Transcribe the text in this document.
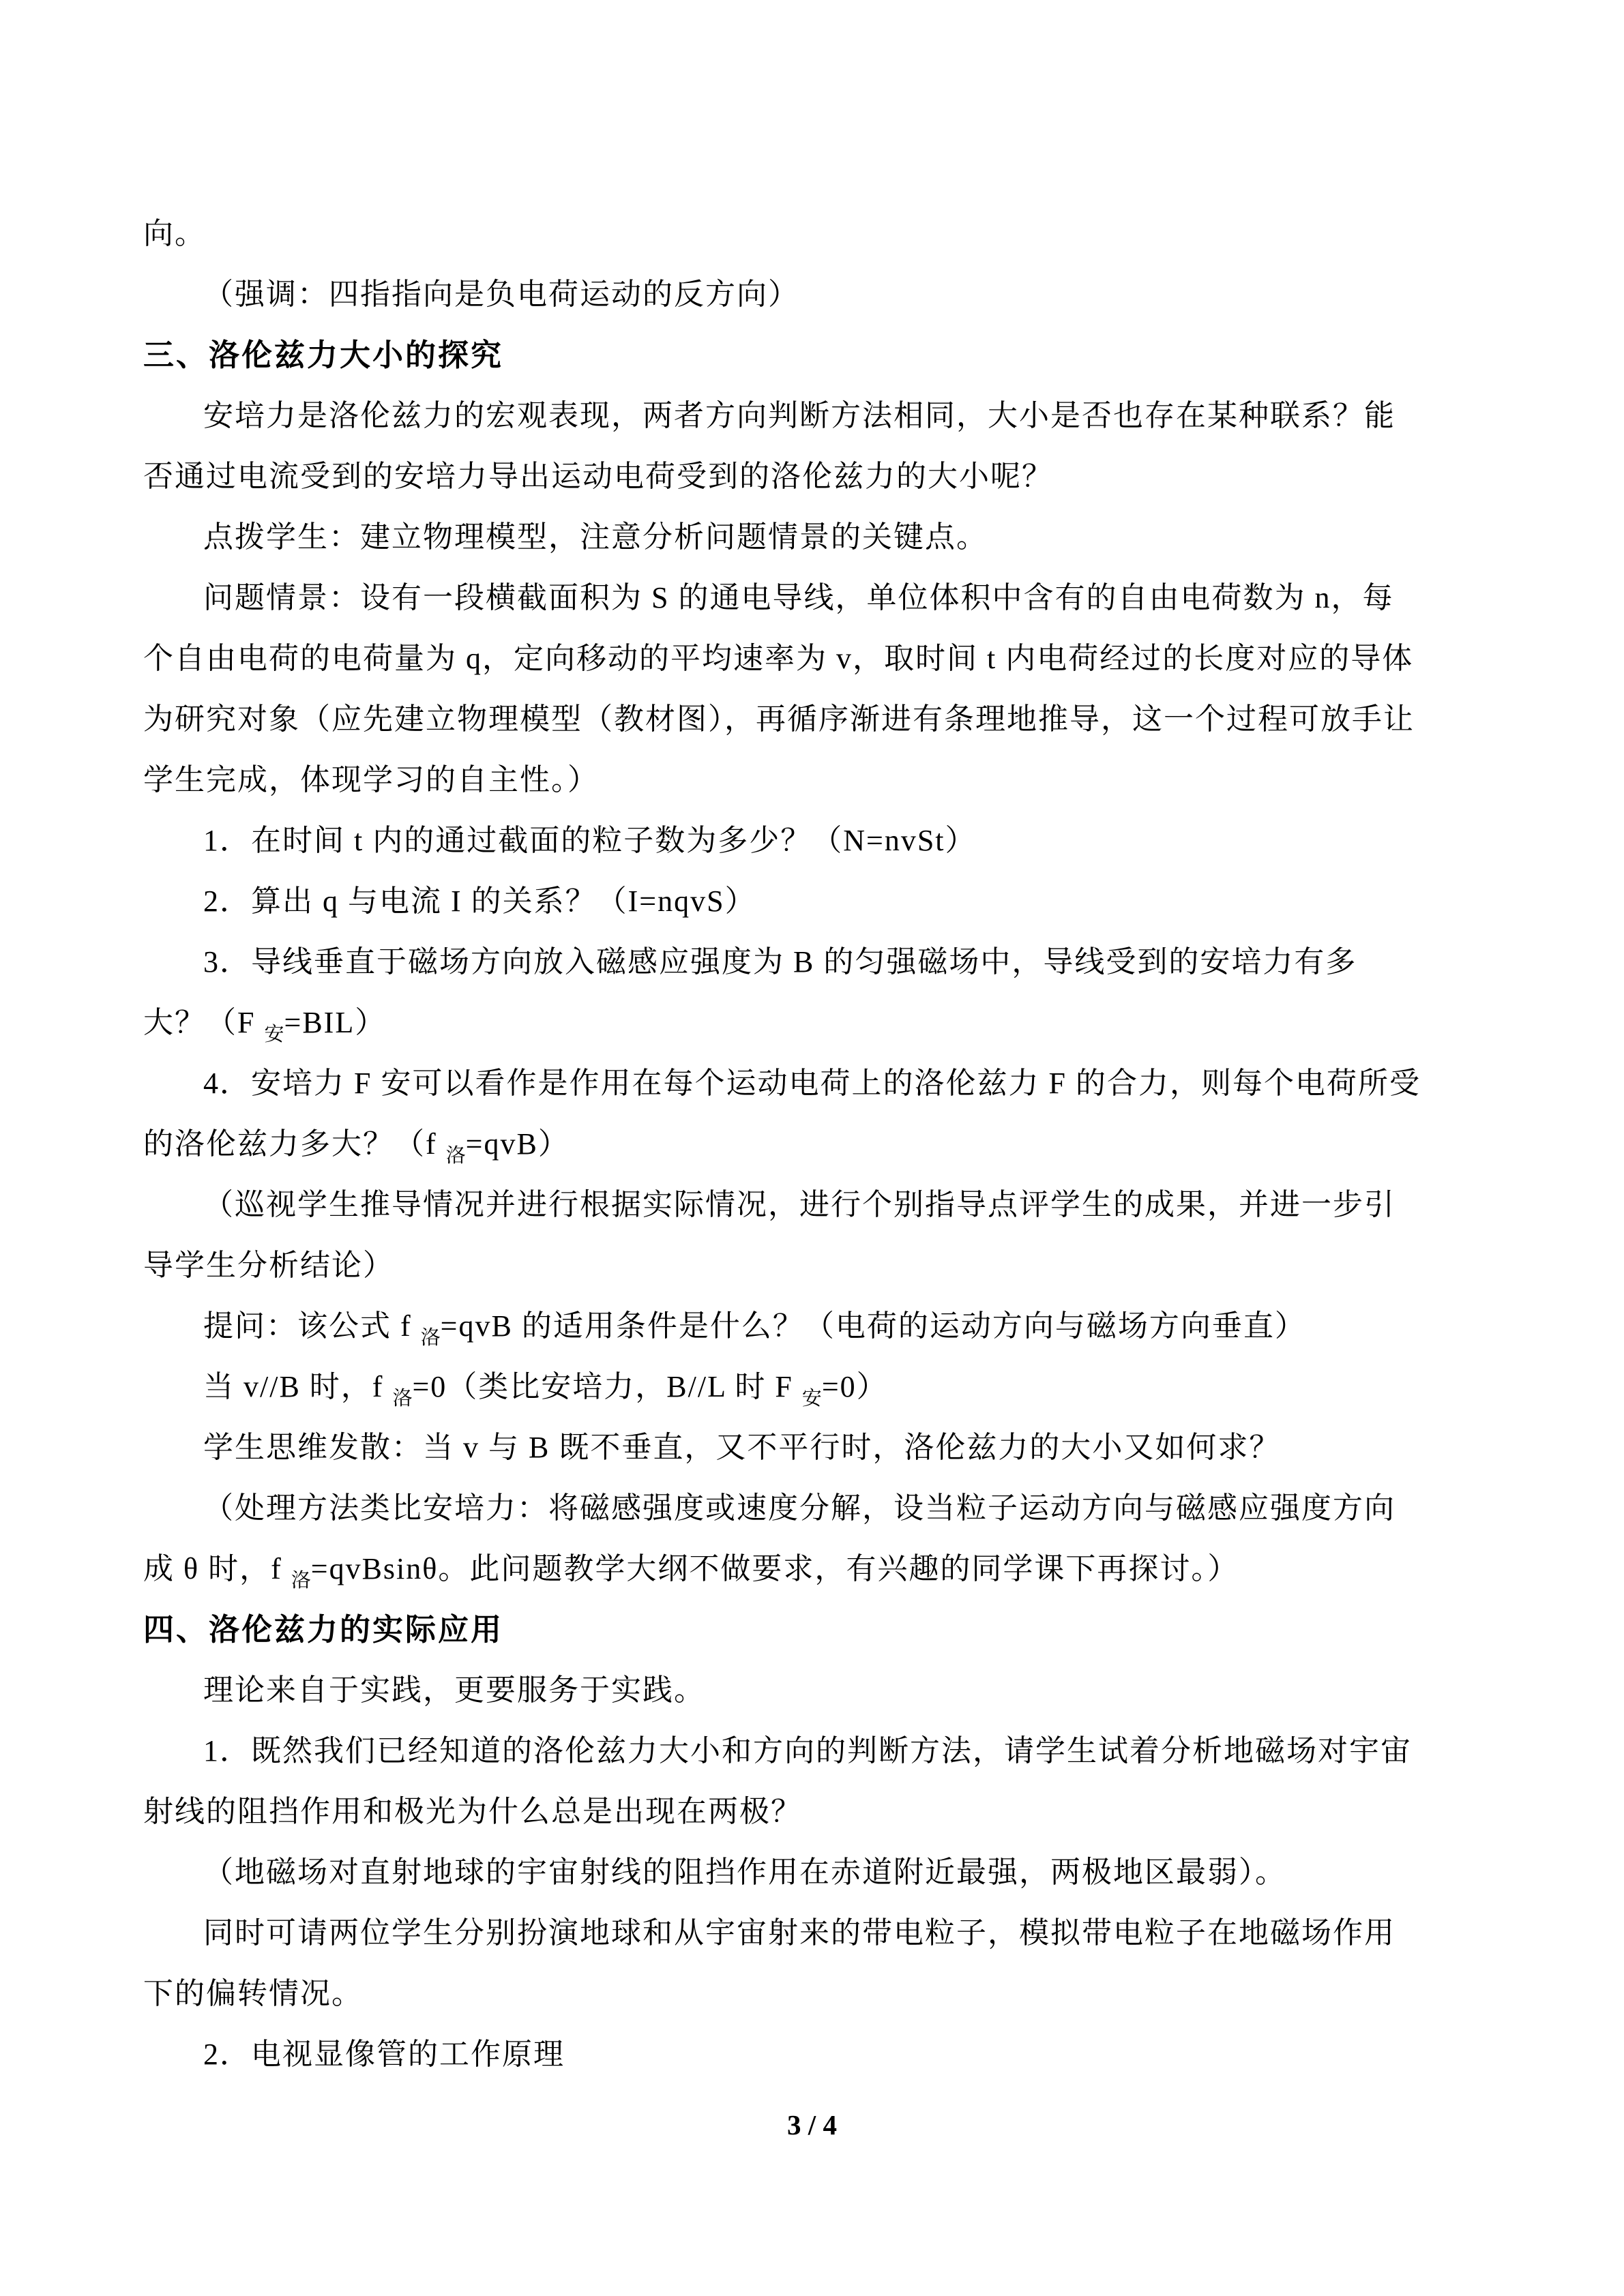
向。
（强调：四指指向是负电荷运动的反方向）
三、洛伦兹力大小的探究
安培力是洛伦兹力的宏观表现，两者方向判断方法相同，大小是否也存在某种联系？能
否通过电流受到的安培力导出运动电荷受到的洛伦兹力的大小呢？
点拨学生：建立物理模型，注意分析问题情景的关键点。
问题情景：设有一段横截面积为 S 的通电导线，单位体积中含有的自由电荷数为 n，每
个自由电荷的电荷量为 q，定向移动的平均速率为 v，取时间 t 内电荷经过的长度对应的导体
为研究对象（应先建立物理模型（教材图），再循序渐进有条理地推导，这一个过程可放手让
学生完成，体现学习的自主性。）
1．在时间 t 内的通过截面的粒子数为多少？（N=nvSt）
2．算出 q 与电流 I 的关系？（I=nqvS）
3．导线垂直于磁场方向放入磁感应强度为 B 的匀强磁场中，导线受到的安培力有多
大？（F $_安$=BIL）
4．安培力 F 安可以看作是作用在每个运动电荷上的洛伦兹力 F 的合力，则每个电荷所受
的洛伦兹力多大？（f $_洛$=qvB）
（巡视学生推导情况并进行根据实际情况，进行个别指导点评学生的成果，并进一步引
导学生分析结论）
提问：该公式 f $_洛$=qvB 的适用条件是什么？（电荷的运动方向与磁场方向垂直）
当 v//B 时，f $_洛$=0（类比安培力，B//L 时 F $_安$=0）
学生思维发散：当 v 与 B 既不垂直，又不平行时，洛伦兹力的大小又如何求？
（处理方法类比安培力：将磁感强度或速度分解，设当粒子运动方向与磁感应强度方向
成 θ 时，f $_洛$=qvBsinθ。此问题教学大纲不做要求，有兴趣的同学课下再探讨。）
四、洛伦兹力的实际应用
理论来自于实践，更要服务于实践。
1．既然我们已经知道的洛伦兹力大小和方向的判断方法，请学生试着分析地磁场对宇宙
射线的阻挡作用和极光为什么总是出现在两极？
（地磁场对直射地球的宇宙射线的阻挡作用在赤道附近最强，两极地区最弱）。
同时可请两位学生分别扮演地球和从宇宙射来的带电粒子，模拟带电粒子在地磁场作用
下的偏转情况。
2．电视显像管的工作原理
3 / 4
